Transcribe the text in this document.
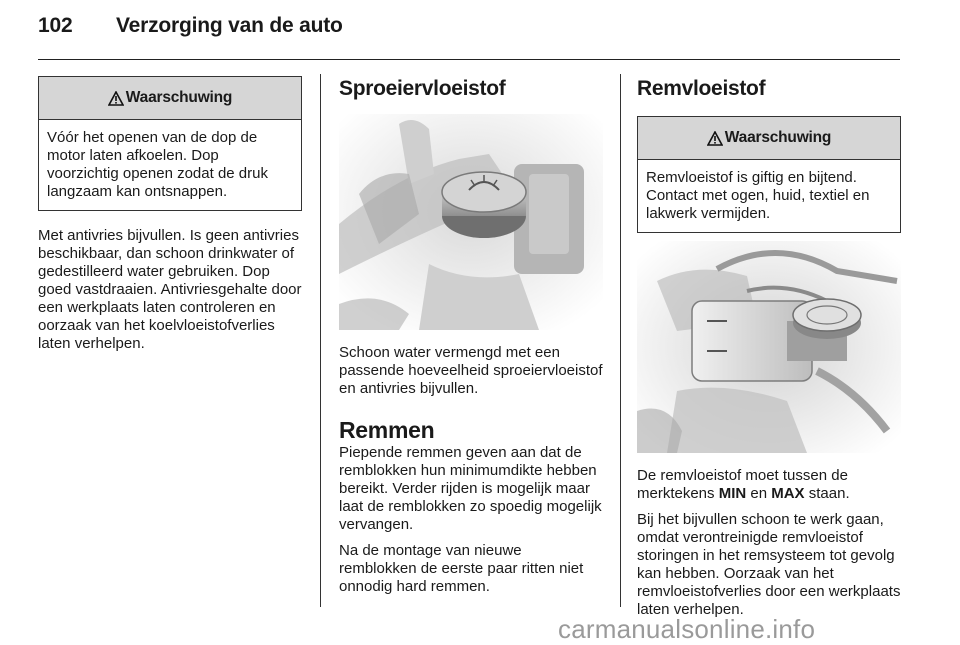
102 Verzorging van de auto
Waarschuwing
Vóór het openen van de dop de motor laten afkoelen. Dop voorzichtig openen zodat de druk langzaam kan ontsnappen.

Met antivries bijvullen. Is geen antivries beschikbaar, dan schoon drinkwater of gedestilleerd water gebruiken. Dop goed vastdraaien. Antivriesgehalte door een werkplaats laten controleren en oorzaak van het koelvloeistofverlies laten verhelpen.

Sproeiervloeistof

Schoon water vermengd met een passende hoeveelheid sproeiervloeistof en antivries bijvullen.

Remmen

Piepende remmen geven aan dat de remblokken hun minimumdikte hebben bereikt. Verder rijden is mogelijk maar laat de remblokken zo spoedig mogelijk vervangen.

Na de montage van nieuwe remblokken de eerste paar ritten niet onnodig hard remmen.

Remvloeistof
Waarschuwing
Remvloeistof is giftig en bijtend. Contact met ogen, huid, textiel en lakwerk vermijden.

De remvloeistof moet tussen de merktekens MIN en MAX staan.

Bij het bijvullen schoon te werk gaan, omdat verontreinigde remvloeistof storingen in het remsysteem tot gevolg kan hebben. Oorzaak van het remvloeistofverlies door een werkplaats laten verhelpen.

carmanualsonline.info
